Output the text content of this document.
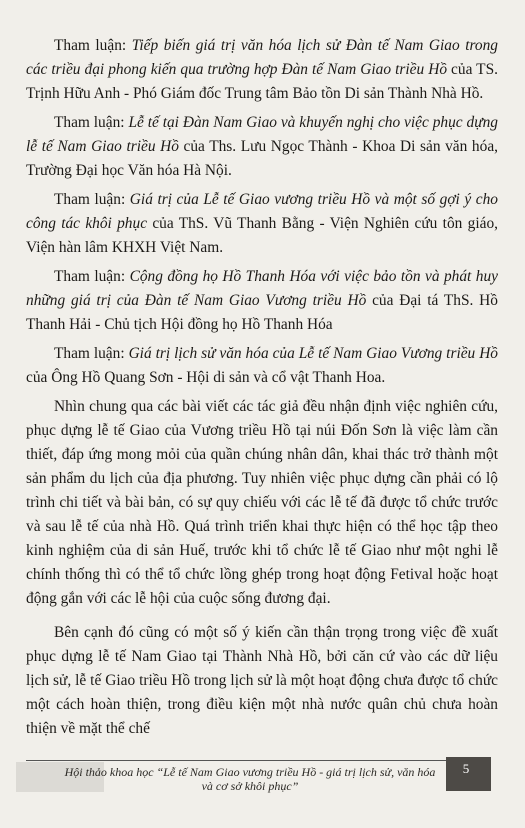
Tham luận: Tiếp biến giá trị văn hóa lịch sử Đàn tế Nam Giao trong các triều đại phong kiến qua trường hợp Đàn tế Nam Giao triều Hồ của TS. Trịnh Hữu Anh - Phó Giám đốc Trung tâm Bảo tồn Di sản Thành Nhà Hồ.

Tham luận: Lễ tế tại Đàn Nam Giao và khuyến nghị cho việc phục dựng lễ tế Nam Giao triều Hồ của Ths. Lưu Ngọc Thành - Khoa Di sản văn hóa, Trường Đại học Văn hóa Hà Nội.

Tham luận: Giá trị của Lễ tế Giao vương triều Hồ và một số gợi ý cho công tác khôi phục của ThS. Vũ Thanh Bằng - Viện Nghiên cứu tôn giáo, Viện hàn lâm KHXH Việt Nam.

Tham luận: Cộng đồng họ Hồ Thanh Hóa với việc bảo tồn và phát huy những giá trị của Đàn tế Nam Giao Vương triều Hồ của Đại tá ThS. Hồ Thanh Hải - Chủ tịch Hội đồng họ Hồ Thanh Hóa

Tham luận: Giá trị lịch sử văn hóa của Lễ tế Nam Giao Vương triều Hồ của Ông Hồ Quang Sơn - Hội di sản và cổ vật Thanh Hoa.

Nhìn chung qua các bài viết các tác giả đều nhận định việc nghiên cứu, phục dựng lễ tế Giao của Vương triều Hồ tại núi Đốn Sơn là việc làm cần thiết, đáp ứng mong mỏi của quần chúng nhân dân, khai thác trở thành một sản phẩm du lịch của địa phương. Tuy nhiên việc phục dựng cần phải có lộ trình chi tiết và bài bản, có sự quy chiếu với các lễ tế đã được tổ chức trước và sau lễ tế của nhà Hồ. Quá trình triển khai thực hiện có thể học tập theo kinh nghiệm của di sản Huế, trước khi tổ chức lễ tế Giao như một nghi lễ chính thống thì có thể tổ chức lồng ghép trong hoạt động Fetival hoặc hoạt động gắn với các lễ hội của cuộc sống đương đại.

Bên cạnh đó cũng có một số ý kiến cần thận trọng trong việc đề xuất phục dựng lễ tế Nam Giao tại Thành Nhà Hồ, bởi căn cứ vào các dữ liệu lịch sử, lễ tế Giao triều Hồ trong lịch sử là một hoạt động chưa được tổ chức một cách hoàn thiện, trong điều kiện một nhà nước quân chủ chưa hoàn thiện về mặt thể chế

Hội thảo khoa học “Lễ tế Nam Giao vương triều Hồ - giá trị lịch sử, văn hóa
và cơ sở khôi phục”
5
